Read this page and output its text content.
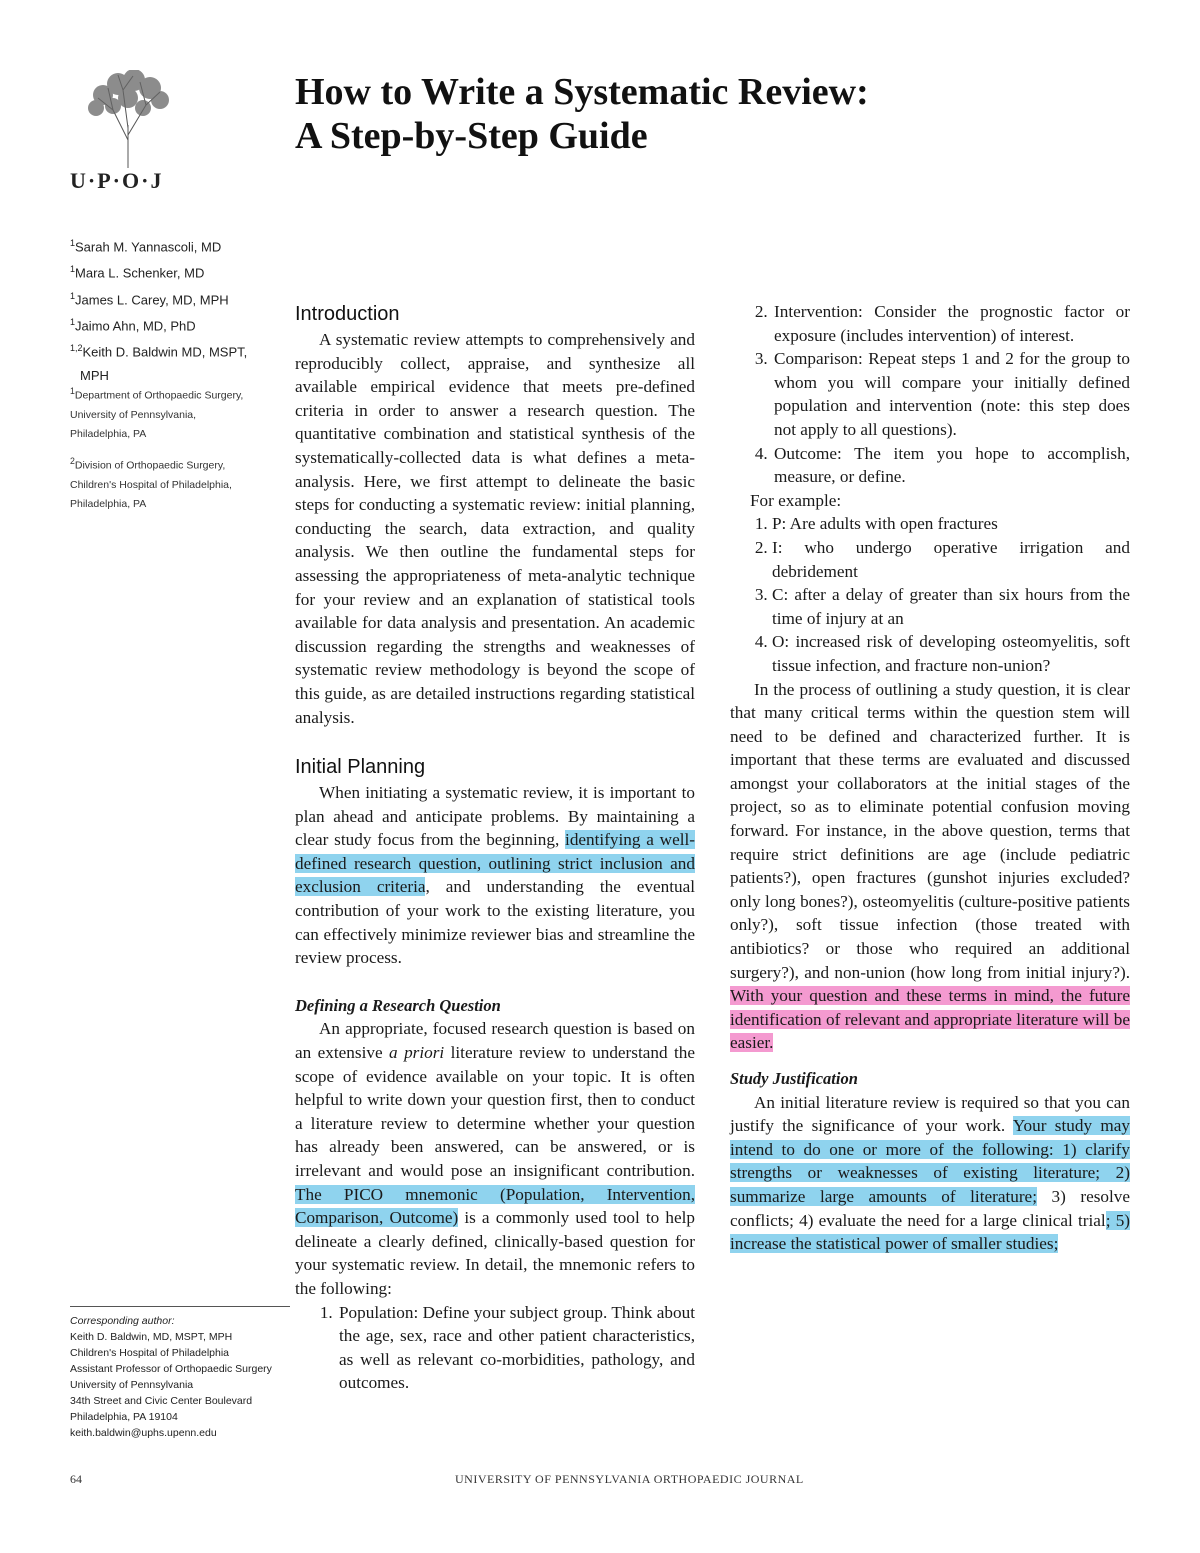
U·P·O·J
How to Write a Systematic Review:
A Step-by-Step Guide
$^1$Sarah M. Yannascoli, MD
$^1$Mara L. Schenker, MD
$^1$James L. Carey, MD, MPH
$^1$Jaimo Ahn, MD, PhD
$^{1,2}$Keith D. Baldwin MD, MSPT,
MPH
$^1$Department of Orthopaedic Surgery,
University of Pennsylvania,
Philadelphia, PA
$^2$Division of Orthopaedic Surgery,
Children's Hospital of Philadelphia,
Philadelphia, PA
Corresponding author:
Keith D. Baldwin, MD, MSPT, MPH
Children's Hospital of Philadelphia
Assistant Professor of Orthopaedic Surgery
University of Pennsylvania
34th Street and Civic Center Boulevard
Philadelphia, PA 19104
keith.baldwin@uphs.upenn.edu
Introduction

A systematic review attempts to comprehensively and reproducibly collect, appraise, and synthesize all available empirical evidence that meets pre-defined criteria in order to answer a research question. The quantitative combination and statistical synthesis of the systematically-collected data is what defines a meta-analysis. Here, we first attempt to delineate the basic steps for conducting a systematic review: initial planning, conducting the search, data extraction, and quality analysis. We then outline the fundamental steps for assessing the appropriateness of meta-analytic technique for your review and an explanation of statistical tools available for data analysis and presentation. An academic discussion regarding the strengths and weaknesses of systematic review methodology is beyond the scope of this guide, as are detailed instructions regarding statistical analysis.

Initial Planning

When initiating a systematic review, it is important to plan ahead and anticipate problems. By maintaining a clear study focus from the beginning, identifying a well-defined research question, outlining strict inclusion and exclusion criteria, and understanding the eventual contribution of your work to the existing literature, you can effectively minimize reviewer bias and streamline the review process.

Defining a Research Question

An appropriate, focused research question is based on an extensive a priori literature review to understand the scope of evidence available on your topic. It is often helpful to write down your question first, then to conduct a literature review to determine whether your question has already been answered, can be answered, or is irrelevant and would pose an insignificant contribution. The PICO mnemonic (Population, Intervention, Comparison, Outcome) is a commonly used tool to help delineate a clearly defined, clinically-based question for your systematic review. In detail, the mnemonic refers to the following:

1. Population: Define your subject group. Think about the age, sex, race and other patient characteristics, as well as relevant co-morbidities, pathology, and outcomes.
2. Intervention: Consider the prognostic factor or exposure (includes intervention) of interest.
3. Comparison: Repeat steps 1 and 2 for the group to whom you will compare your initially defined population and intervention (note: this step does not apply to all questions).
4. Outcome: The item you hope to accomplish, measure, or define.

For example:

1. P: Are adults with open fractures
2. I: who undergo operative irrigation and debridement
3. C: after a delay of greater than six hours from the time of injury at an
4. O: increased risk of developing osteomyelitis, soft tissue infection, and fracture non-union?

In the process of outlining a study question, it is clear that many critical terms within the question stem will need to be defined and characterized further. It is important that these terms are evaluated and discussed amongst your collaborators at the initial stages of the project, so as to eliminate potential confusion moving forward. For instance, in the above question, terms that require strict definitions are age (include pediatric patients?), open fractures (gunshot injuries excluded? only long bones?), osteomyelitis (culture-positive patients only?), soft tissue infection (those treated with antibiotics? or those who required an additional surgery?), and non-union (how long from initial injury?). With your question and these terms in mind, the future identification of relevant and appropriate literature will be easier.

Study Justification

An initial literature review is required so that you can justify the significance of your work. Your study may intend to do one or more of the following: 1) clarify strengths or weaknesses of existing literature; 2) summarize large amounts of literature; 3) resolve conflicts; 4) evaluate the need for a large clinical trial; 5) increase the statistical power of smaller studies;

64	UNIVERSITY OF PENNSYLVANIA ORTHOPAEDIC JOURNAL
